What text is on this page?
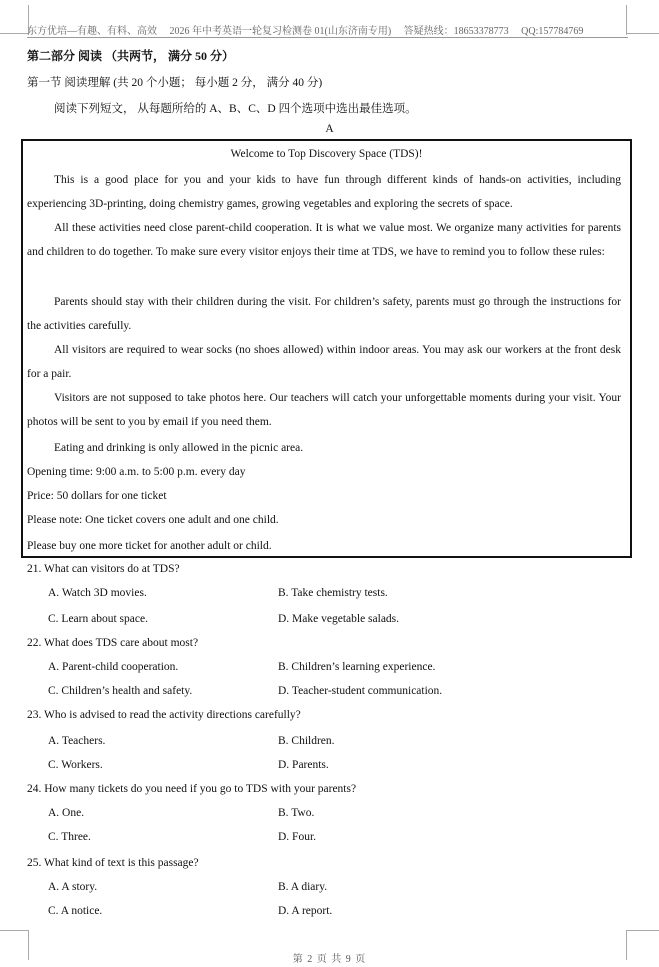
东方优培—有趣、有料、高效 2026 年中考英语一轮复习检测卷 01(山东济南专用) 答疑热线：18653378773 QQ:157784769
第二部分 阅读 （共两节， 满分 50 分）
第一节 阅读理解 (共 20 个小题； 每小题 2 分， 满分 40 分)
阅读下列短文， 从每题所给的 A、B、C、D 四个选项中选出最佳选项。
A
Welcome to Top Discovery Space (TDS)!
This is a good place for you and your kids to have fun through different kinds of hands-on activities, including experiencing 3D-printing, doing chemistry games, growing vegetables and exploring the secrets of space.
All these activities need close parent-child cooperation. It is what we value most. We organize many activities for parents and children to do together. To make sure every visitor enjoys their time at TDS, we have to remind you to follow these rules:
Parents should stay with their children during the visit. For children’s safety, parents must go through the instructions for the activities carefully.
All visitors are required to wear socks (no shoes allowed) within indoor areas. You may ask our workers at the front desk for a pair.
Visitors are not supposed to take photos here. Our teachers will catch your unforgettable moments during your visit. Your photos will be sent to you by email if you need them.
Eating and drinking is only allowed in the picnic area.
Opening time: 9:00 a.m. to 5:00 p.m. every day
Price: 50 dollars for one ticket
Please note: One ticket covers one adult and one child.
Please buy one more ticket for another adult or child.
21. What can visitors do at TDS?
A. Watch 3D movies.	B. Take chemistry tests.
C. Learn about space.	D. Make vegetable salads.
22. What does TDS care about most?
A. Parent-child cooperation.	B. Children’s learning experience.
C. Children’s health and safety.	D. Teacher-student communication.
23. Who is advised to read the activity directions carefully?
A. Teachers.	B. Children.
C. Workers.	D. Parents.
24. How many tickets do you need if you go to TDS with your parents?
A. One.	B. Two.
C. Three.	D. Four.
25. What kind of text is this passage?
A. A story.	B. A diary.
C. A notice.	D. A report.
第 2 页 共 9 页
